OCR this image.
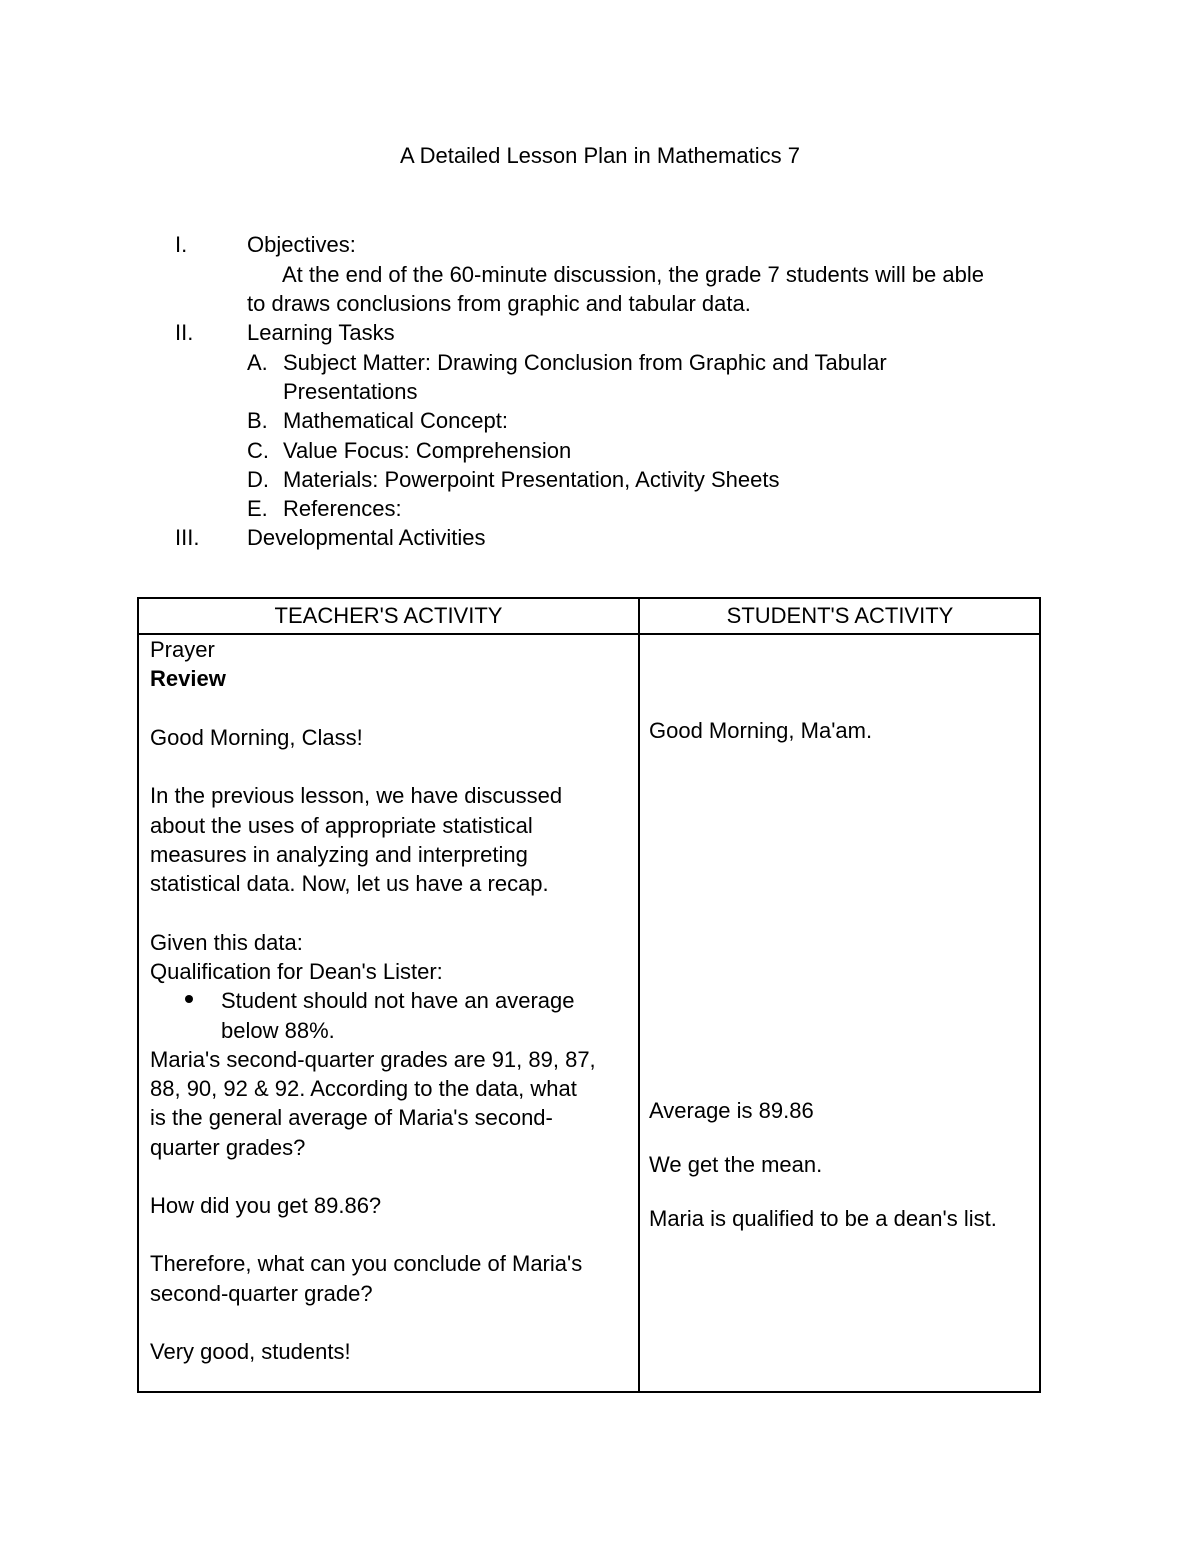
A Detailed Lesson Plan in Mathematics 7
I.	Objectives:
At the end of the 60-minute discussion, the grade 7 students will be able
to draws conclusions from graphic and tabular data.
II. Learning Tasks
A. Subject Matter: Drawing Conclusion from Graphic and Tabular
Presentations
B. Mathematical Concept:
C. Value Focus: Comprehension
D. Materials: Powerpoint Presentation, Activity Sheets
E. References:
III. Developmental Activities
TEACHER'S ACTIVITY	STUDENT'S ACTIVITY
Prayer
Review
Good Morning, Class!
In the previous lesson, we have discussed
about the uses of appropriate statistical
measures in analyzing and interpreting
statistical data. Now, let us have a recap.
Given this data:
Qualification for Dean's Lister:
Student should not have an average
below 88%.
Maria's second-quarter grades are 91, 89, 87,
88, 90, 92 & 92. According to the data, what
is the general average of Maria's second-
quarter grades?
How did you get 89.86?
Therefore, what can you conclude of Maria's
second-quarter grade?
Very good, students!
Good Morning, Ma'am.
Average is 89.86
We get the mean.
Maria is qualified to be a dean's list.
